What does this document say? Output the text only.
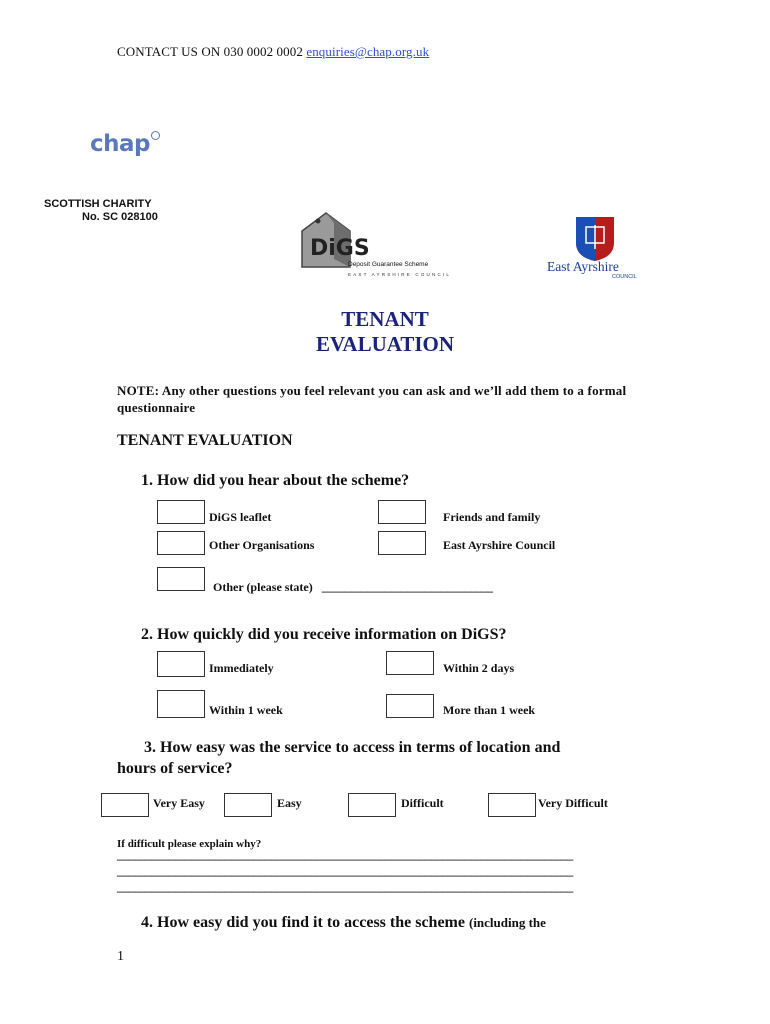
CONTACT US ON 030 0002 0002 enquiries@chap.org.uk
chap
SCOTTISH CHARITY
No. SC 028100
DiGS
Deposit Guarantee Scheme
EAST AYRSHIRE COUNCIL
East Ayrshire
COUNCIL
TENANT
EVALUATION
NOTE: Any other questions you feel relevant you can ask and we’ll add them to a formal questionnaire
TENANT EVALUATION
1. How did you hear about the scheme?
DiGS leaflet	Friends and family
Other Organisations	East Ayrshire Council
Other (please state) ______________________________
2. How quickly did you receive information on DiGS?
Immediately	Within 2 days
Within 1 week	More than 1 week
3. How easy was the service to access in terms of location and
hours of service?
Very Easy	Easy	Difficult	Very Difficult
If difficult please explain why?
________________________________________________________________________________
________________________________________________________________________________
________________________________________________________________________________
4. How easy did you find it to access the scheme (including the
1
